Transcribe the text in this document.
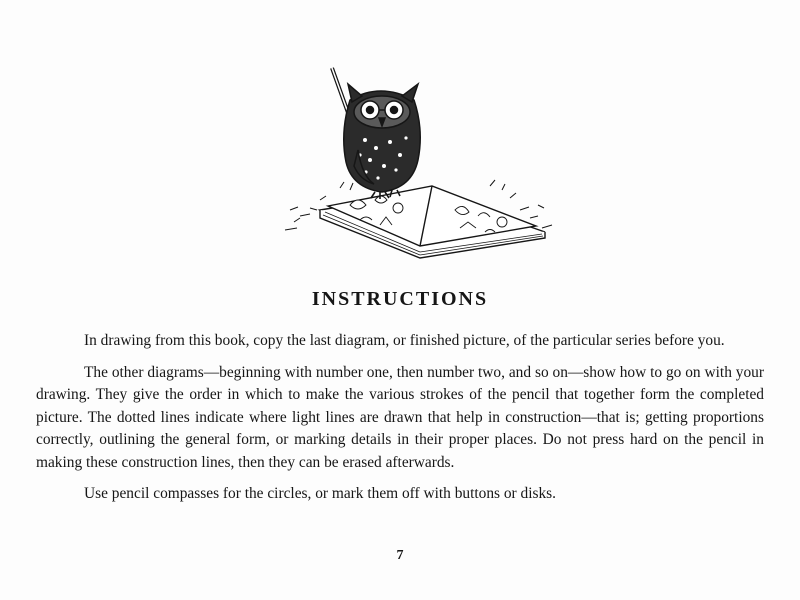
INSTRUCTIONS

In drawing from this book, copy the last diagram, or finished picture, of the particular series before you.

The other diagrams—beginning with number one, then number two, and so on—show how to go on with your drawing. They give the order in which to make the various strokes of the pencil that together form the completed picture. The dotted lines indicate where light lines are drawn that help in construction—that is; getting proportions correctly, outlining the general form, or marking details in their proper places. Do not press hard on the pencil in making these construction lines, then they can be erased afterwards.

Use pencil compasses for the circles, or mark them off with buttons or disks.

7
